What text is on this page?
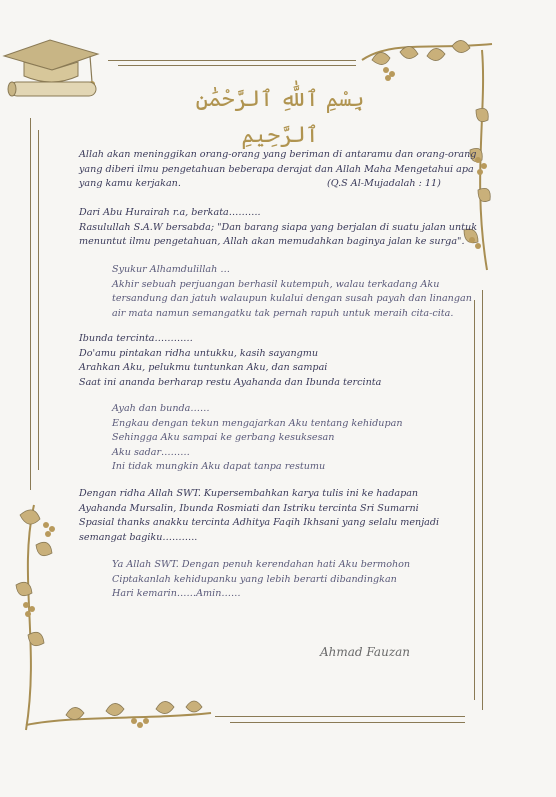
بِسْمِ ٱللَّٰهِ ٱلرَّحْمَٰنِ ٱلرَّحِيمِ
Allah akan meninggikan orang-orang yang beriman di antaramu dan orang-orang
yang diberi ilmu pengetahuan beberapa derajat dan Allah Maha Mengetahui apa
yang kamu kerjakan.	(Q.S Al-Mujadalah : 11)
Dari Abu Hurairah r.a, berkata……….
Rasulullah S.A.W bersabda; "Dan barang siapa yang berjalan di suatu jalan untuk
menuntut ilmu pengetahuan, Allah akan memudahkan baginya jalan ke surga".
Syukur Alhamdulillah …
Akhir sebuah perjuangan berhasil kutempuh, walau terkadang Aku
tersandung dan jatuh walaupun kulalui dengan susah payah dan linangan
air mata namun semangatku tak pernah rapuh untuk meraih cita-cita.
Ibunda tercinta…………
Do'amu pintakan ridha untukku, kasih sayangmu
Arahkan Aku, pelukmu tuntunkan Aku, dan sampai
Saat ini ananda berharap restu Ayahanda dan Ibunda tercinta
Ayah dan bunda……
Engkau dengan tekun mengajarkan Aku tentang kehidupan
Sehingga Aku sampai ke gerbang kesuksesan
Aku sadar………
Ini tidak mungkin Aku dapat tanpa restumu
Dengan ridha Allah SWT. Kupersembahkan karya tulis ini ke hadapan
Ayahanda Mursalin, Ibunda Rosmiati dan Istriku tercinta Sri Sumarni
Spasial thanks anakku tercinta Adhitya Faqih Ikhsani yang selalu menjadi
semangat bagiku………..
Ya Allah SWT. Dengan penuh kerendahan hati Aku bermohon
Ciptakanlah kehidupanku yang lebih berarti dibandingkan
Hari kemarin……Amin……
Ahmad Fauzan
